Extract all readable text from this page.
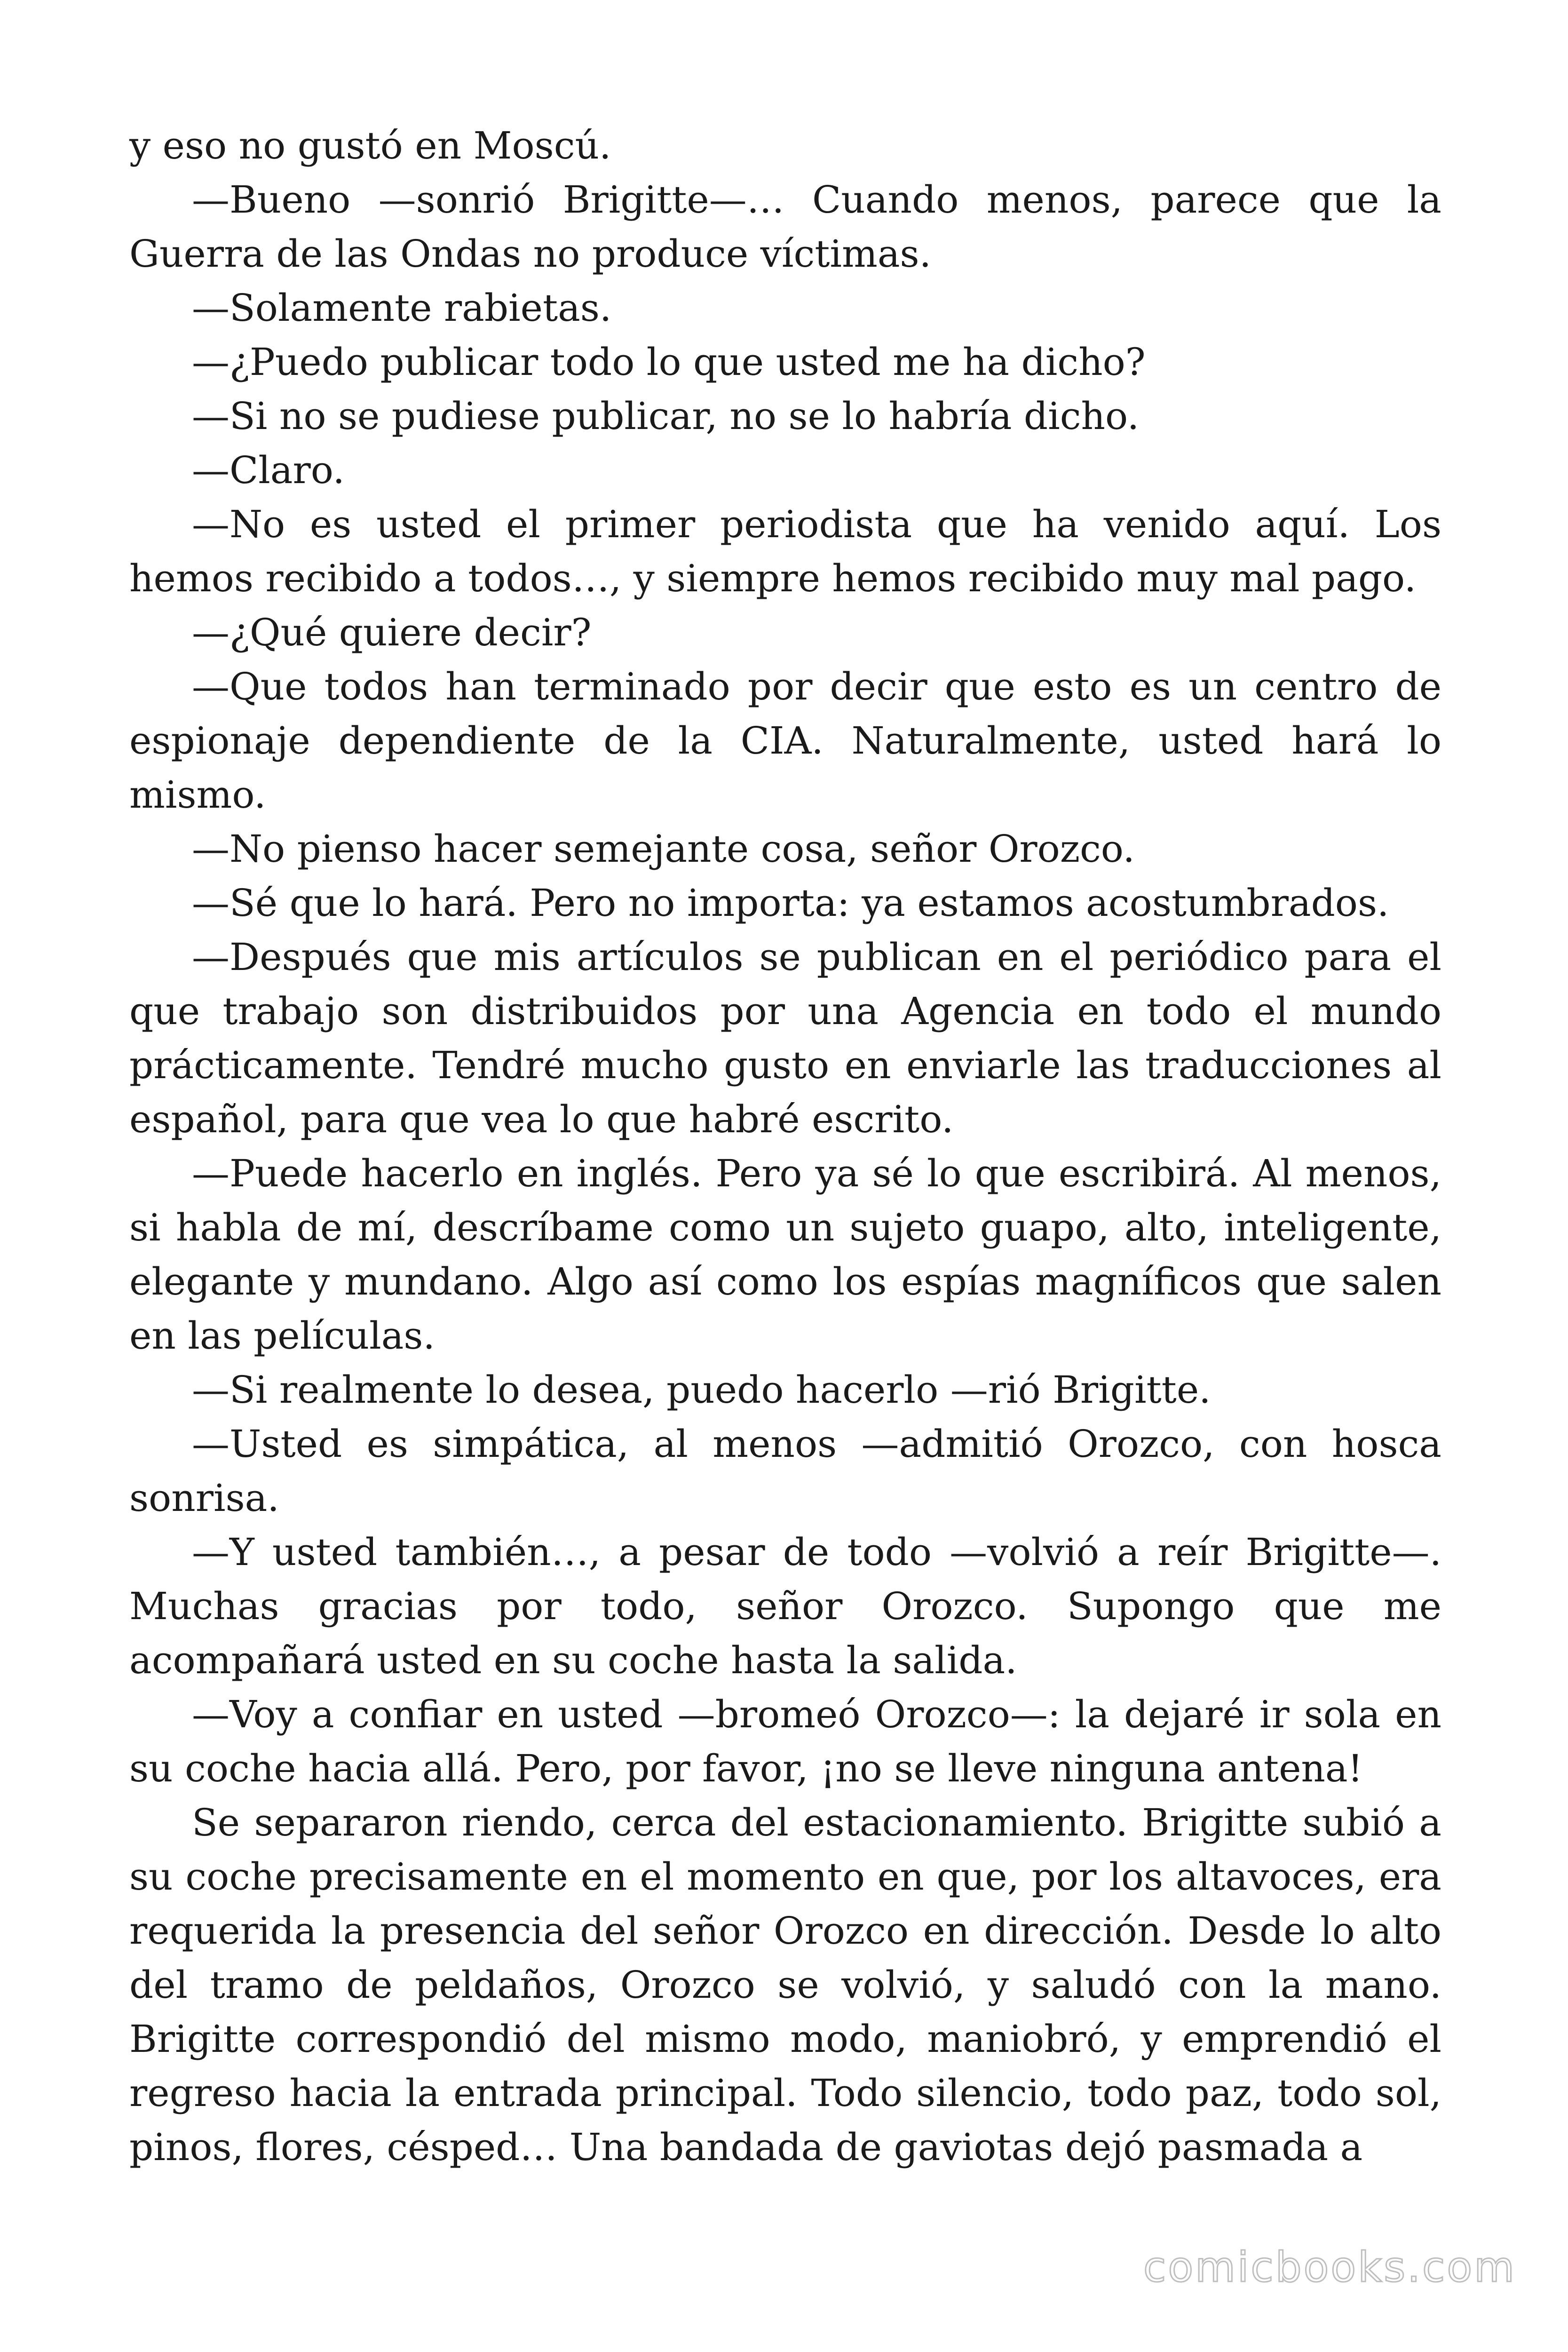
y eso no gustó en Moscú.

—Bueno —sonrió Brigitte—… Cuando menos, parece que la Guerra de las Ondas no produce víctimas.

—Solamente rabietas.

—¿Puedo publicar todo lo que usted me ha dicho?

—Si no se pudiese publicar, no se lo habría dicho.

—Claro.

—No es usted el primer periodista que ha venido aquí. Los hemos recibido a todos…, y siempre hemos recibido muy mal pago.

—¿Qué quiere decir?

—Que todos han terminado por decir que esto es un centro de espionaje dependiente de la CIA. Naturalmente, usted hará lo mismo.

—No pienso hacer semejante cosa, señor Orozco.

—Sé que lo hará. Pero no importa: ya estamos acostumbrados.

—Después que mis artículos se publican en el periódico para el que trabajo son distribuidos por una Agencia en todo el mundo prácticamente. Tendré mucho gusto en enviarle las traducciones al español, para que vea lo que habré escrito.

—Puede hacerlo en inglés. Pero ya sé lo que escribirá. Al menos, si habla de mí, descríbame como un sujeto guapo, alto, inteligente, elegante y mundano. Algo así como los espías magníficos que salen en las películas.

—Si realmente lo desea, puedo hacerlo —rió Brigitte.

—Usted es simpática, al menos —admitió Orozco, con hosca sonrisa.

—Y usted también…, a pesar de todo —volvió a reír Brigitte—. Muchas gracias por todo, señor Orozco. Supongo que me acompañará usted en su coche hasta la salida.

—Voy a confiar en usted —bromeó Orozco—: la dejaré ir sola en su coche hacia allá. Pero, por favor, ¡no se lleve ninguna antena!

Se separaron riendo, cerca del estacionamiento. Brigitte subió a su coche precisamente en el momento en que, por los altavoces, era requerida la presencia del señor Orozco en dirección. Desde lo alto del tramo de peldaños, Orozco se volvió, y saludó con la mano. Brigitte correspondió del mismo modo, maniobró, y emprendió el regreso hacia la entrada principal. Todo silencio, todo paz, todo sol, pinos, flores, césped… Una bandada de gaviotas dejó pasmada a

comicbooks.com
